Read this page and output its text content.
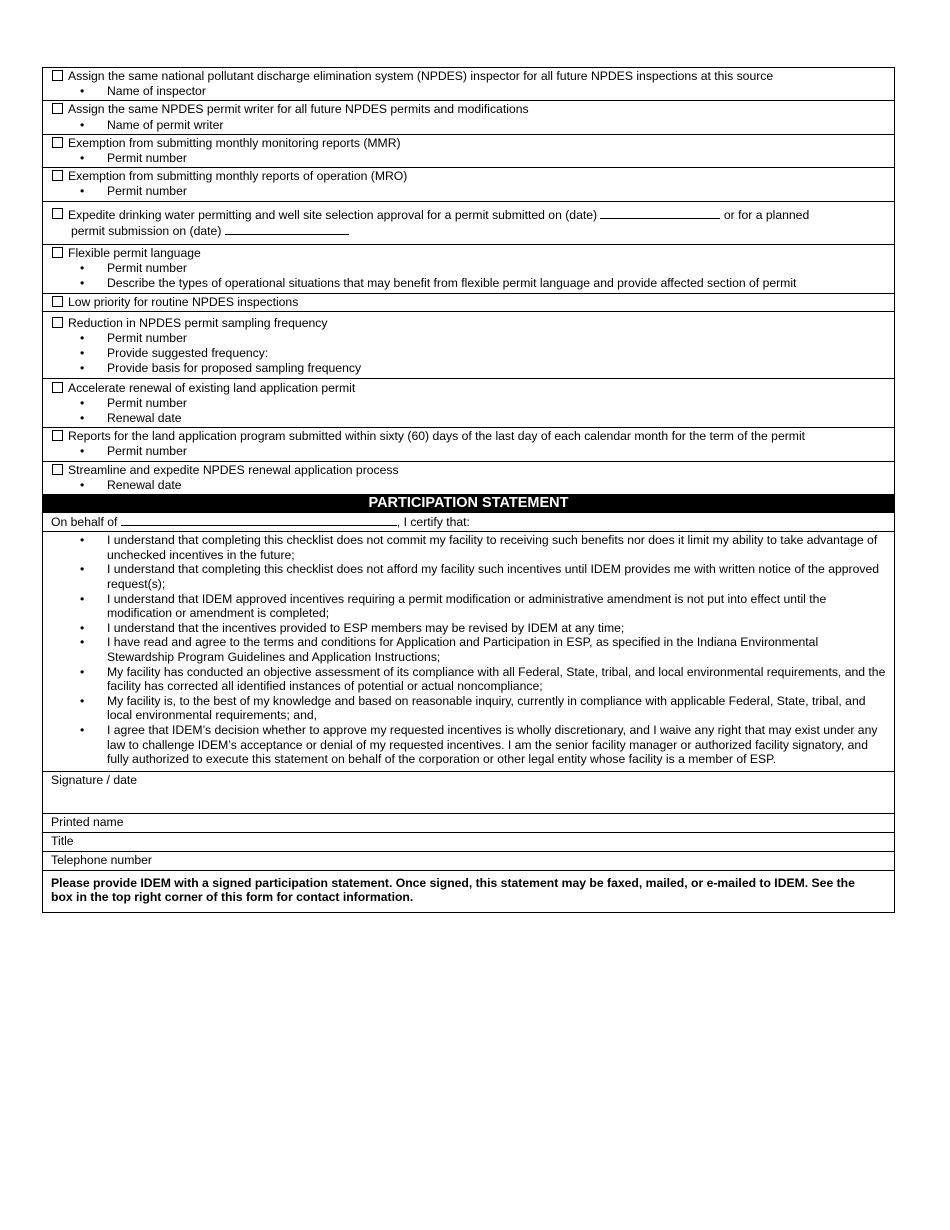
Assign the same national pollutant discharge elimination system (NPDES) inspector for all future NPDES inspections at this source
• Name of inspector
Assign the same NPDES permit writer for all future NPDES permits and modifications
• Name of permit writer
Exemption from submitting monthly monitoring reports (MMR)
• Permit number
Exemption from submitting monthly reports of operation (MRO)
• Permit number
Expedite drinking water permitting and well site selection approval for a permit submitted on (date)	or for a planned
permit submission on (date)
Flexible permit language
• Permit number
• Describe the types of operational situations that may benefit from flexible permit language and provide affected section of permit
Low priority for routine NPDES inspections
Reduction in NPDES permit sampling frequency
• Permit number
• Provide suggested frequency:
• Provide basis for proposed sampling frequency
Accelerate renewal of existing land application permit
• Permit number
• Renewal date
Reports for the land application program submitted within sixty (60) days of the last day of each calendar month for the term of the permit
• Permit number
Streamline and expedite NPDES renewal application process
• Renewal date
PARTICIPATION STATEMENT
On behalf of	, I certify that:
• I understand that completing this checklist does not commit my facility to receiving such benefits nor does it limit my ability to take advantage of unchecked incentives in the future;
• I understand that completing this checklist does not afford my facility such incentives until IDEM provides me with written notice of the approved request(s);
• I understand that IDEM approved incentives requiring a permit modification or administrative amendment is not put into effect until the modification or amendment is completed;
• I understand that the incentives provided to ESP members may be revised by IDEM at any time;
• I have read and agree to the terms and conditions for Application and Participation in ESP, as specified in the Indiana Environmental Stewardship Program Guidelines and Application Instructions;
• My facility has conducted an objective assessment of its compliance with all Federal, State, tribal, and local environmental requirements, and the facility has corrected all identified instances of potential or actual noncompliance;
• My facility is, to the best of my knowledge and based on reasonable inquiry, currently in compliance with applicable Federal, State, tribal, and local environmental requirements; and,
• I agree that IDEM’s decision whether to approve my requested incentives is wholly discretionary, and I waive any right that may exist under any law to challenge IDEM’s acceptance or denial of my requested incentives. I am the senior facility manager or authorized facility signatory, and fully authorized to execute this statement on behalf of the corporation or other legal entity whose facility is a member of ESP.
Signature / date
Printed name
Title
Telephone number
Please provide IDEM with a signed participation statement. Once signed, this statement may be faxed, mailed, or e-mailed to IDEM. See the box in the top right corner of this form for contact information.
